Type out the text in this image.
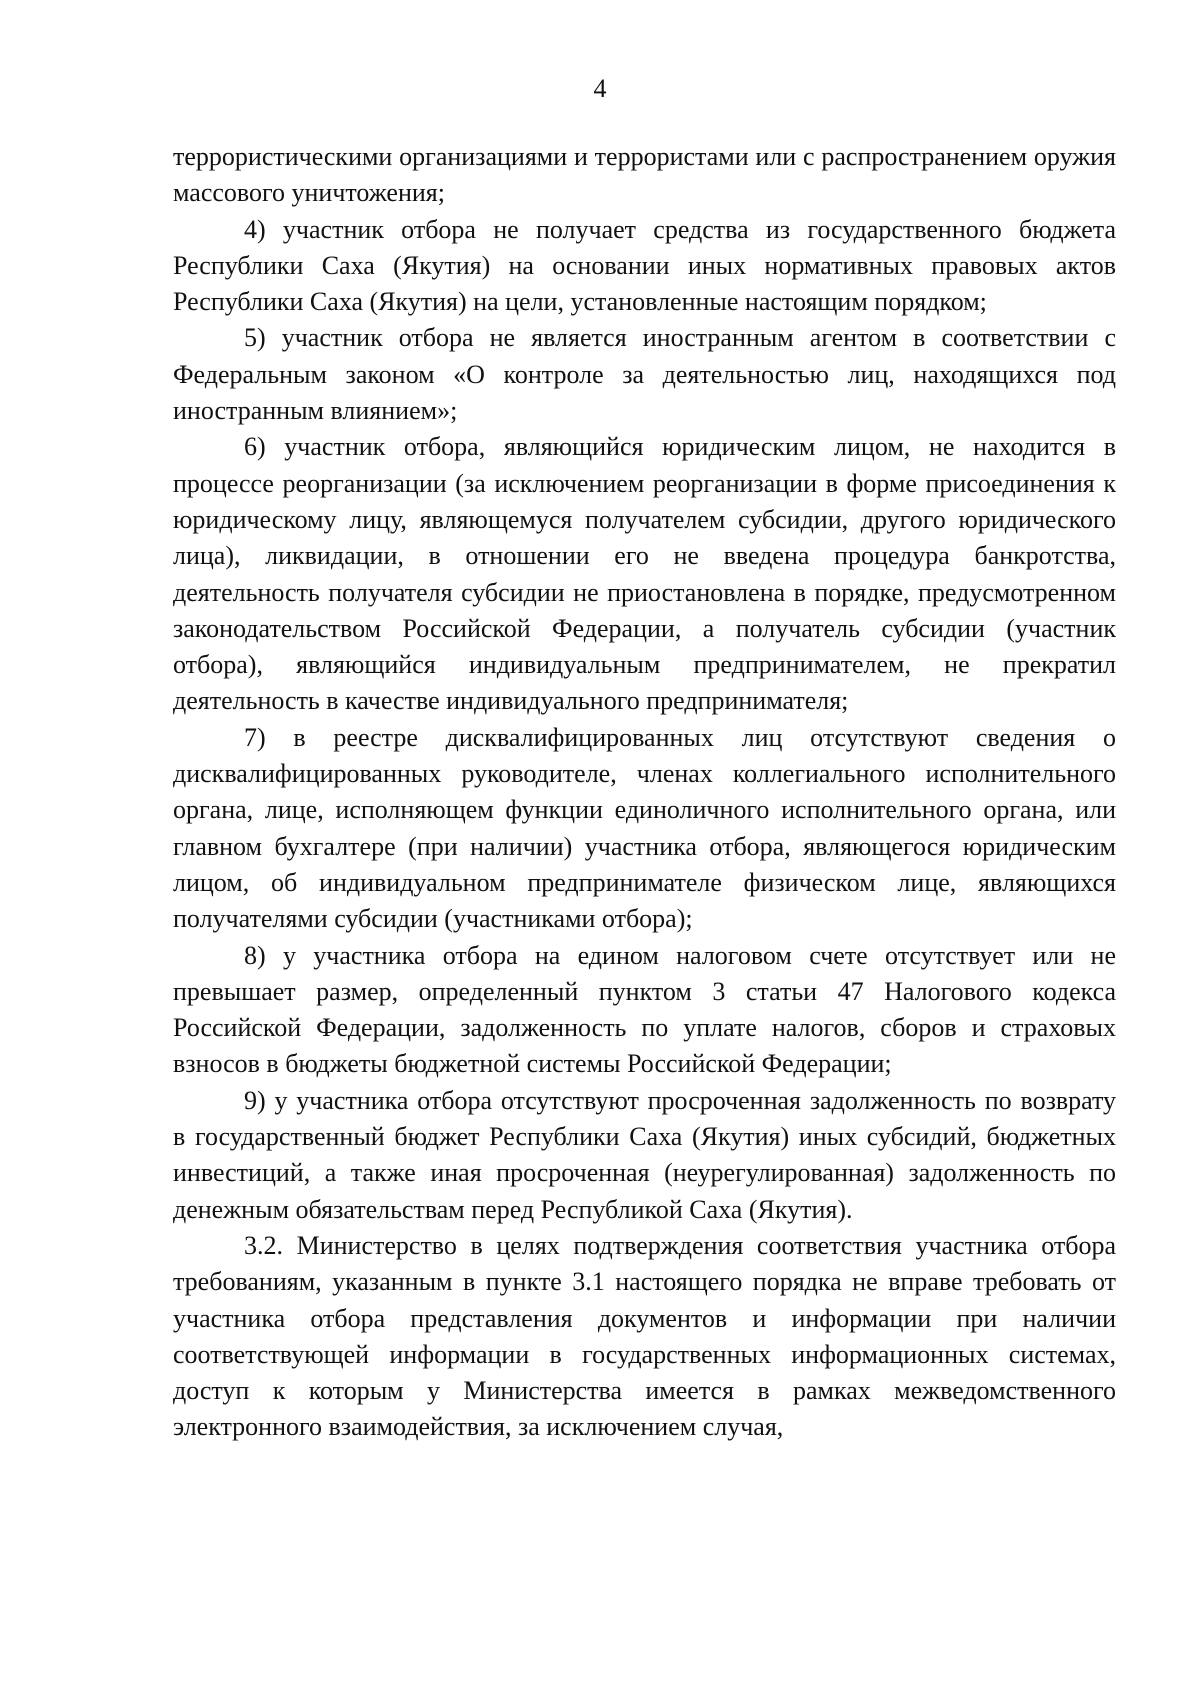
4

террористическими организациями и террористами или с распространением оружия массового уничтожения;

4) участник отбора не получает средства из государственного бюджета Республики Саха (Якутия) на основании иных нормативных правовых актов Республики Саха (Якутия) на цели, установленные настоящим порядком;

5) участник отбора не является иностранным агентом в соответствии с Федеральным законом «О контроле за деятельностью лиц, находящихся под иностранным влиянием»;

6) участник отбора, являющийся юридическим лицом, не находится в процессе реорганизации (за исключением реорганизации в форме присоединения к юридическому лицу, являющемуся получателем субсидии, другого юридического лица), ликвидации, в отношении его не введена процедура банкротства, деятельность получателя субсидии не приостановлена в порядке, предусмотренном законодательством Российской Федерации, а получатель субсидии (участник отбора), являющийся индивидуальным предпринимателем, не прекратил деятельность в качестве индивидуального предпринимателя;

7) в реестре дисквалифицированных лиц отсутствуют сведения о дисквалифицированных руководителе, членах коллегиального исполнительного органа, лице, исполняющем функции единоличного исполнительного органа, или главном бухгалтере (при наличии) участника отбора, являющегося юридическим лицом, об индивидуальном предпринимателе физическом лице, являющихся получателями субсидии (участниками отбора);

8) у участника отбора на едином налоговом счете отсутствует или не превышает размер, определенный пунктом 3 статьи 47 Налогового кодекса Российской Федерации, задолженность по уплате налогов, сборов и страховых взносов в бюджеты бюджетной системы Российской Федерации;

9) у участника отбора отсутствуют просроченная задолженность по возврату в государственный бюджет Республики Саха (Якутия) иных субсидий, бюджетных инвестиций, а также иная просроченная (неурегулированная) задолженность по денежным обязательствам перед Республикой Саха (Якутия).

3.2. Министерство в целях подтверждения соответствия участника отбора требованиям, указанным в пункте 3.1 настоящего порядка не вправе требовать от участника отбора представления документов и информации при наличии соответствующей информации в государственных информационных системах, доступ к которым у Министерства имеется в рамках межведомственного электронного взаимодействия, за исключением случая,
